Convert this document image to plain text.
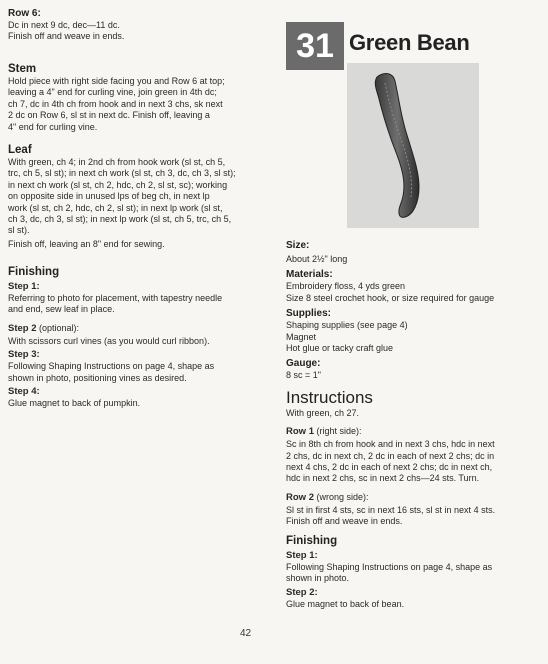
Row 6:

Dc in next 9 dc, dec—11 dc.

Finish off and weave in ends.

Stem

Hold piece with right side facing you and Row 6 at top;

leaving a 4" end for curling vine, join green in 4th dc;

ch 7, dc in 4th ch from hook and in next 3 chs, sk next

2 dc on Row 6, sl st in next dc. Finish off, leaving a

4" end for curling vine.

Leaf

With green, ch 4; in 2nd ch from hook work (sl st, ch 5,

trc, ch 5, sl st); in next ch work (sl st, ch 3, dc, ch 3, sl st);

in next ch work (sl st, ch 2, hdc, ch 2, sl st, sc); working

on opposite side in unused lps of beg ch, in next lp

work (sl st, ch 2, hdc, ch 2, sl st); in next lp work (sl st,

ch 3, dc, ch 3, sl st); in next lp work (sl st, ch 5, trc, ch 5,

sl st).

Finish off, leaving an 8" end for sewing.

Finishing
Step 1:

Referring to photo for placement, with tapestry needle

and end, sew leaf in place.

Step 2 (optional):

With scissors curl vines (as you would curl ribbon).

Step 3:

Following Shaping Instructions on page 4, shape as

shown in photo, positioning vines as desired.

Step 4:

Glue magnet to back of pumpkin.

31 Green Bean
Size:

About 2½" long

Materials:

Embroidery floss, 4 yds green

Size 8 steel crochet hook, or size required for gauge

Supplies:

Shaping supplies (see page 4)

Magnet

Hot glue or tacky craft glue

Gauge:

8 sc = 1"

Instructions

With green, ch 27.

Row 1 (right side):

Sc in 8th ch from hook and in next 3 chs, hdc in next

2 chs, dc in next ch, 2 dc in each of next 2 chs; dc in

next 4 chs, 2 dc in each of next 2 chs; dc in next ch,

hdc in next 2 chs, sc in next 2 chs—24 sts. Turn.

Row 2 (wrong side):

Sl st in first 4 sts, sc in next 16 sts, sl st in next 4 sts.

Finish off and weave in ends.

Finishing
Step 1:

Following Shaping Instructions on page 4, shape as

shown in photo.

Step 2:

Glue magnet to back of bean.

42
